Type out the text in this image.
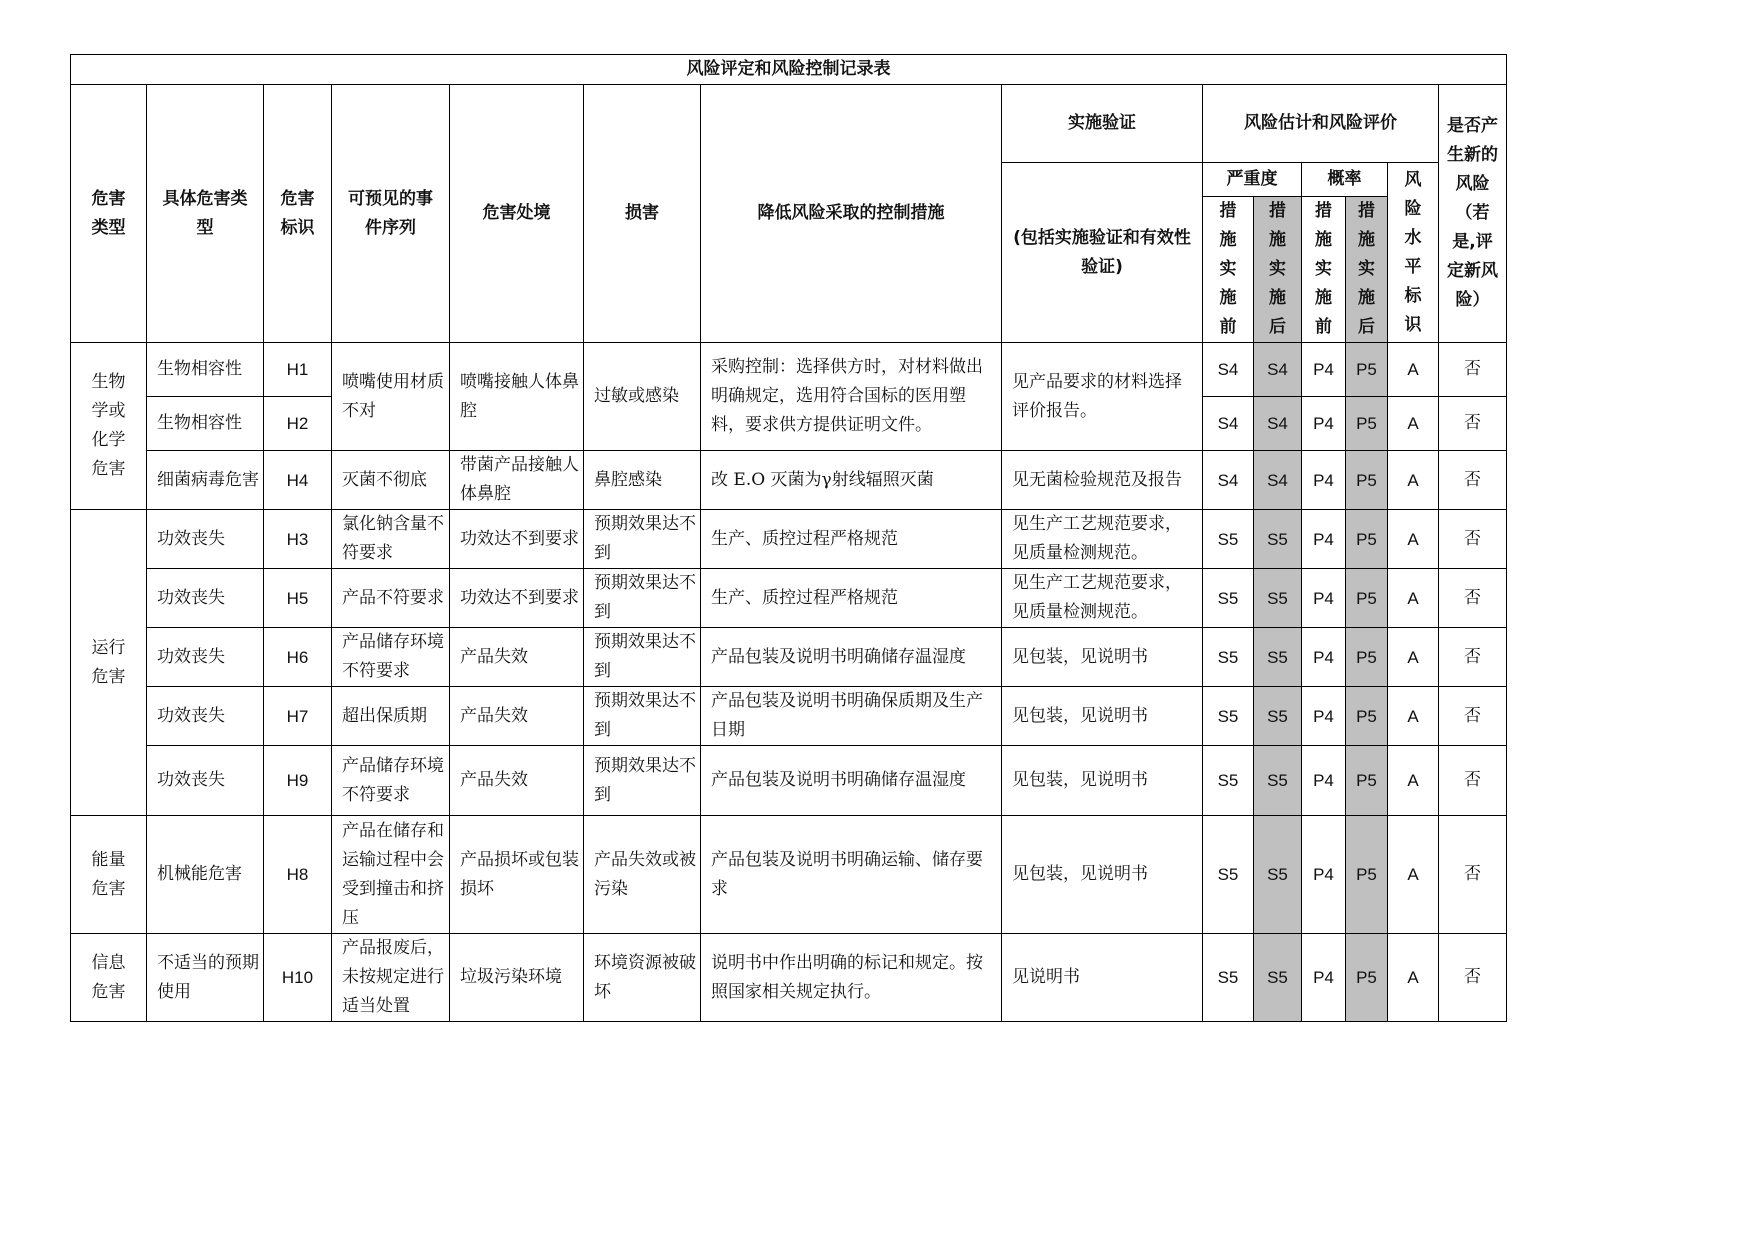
风险评定和风险控制记录表													
危害类型	具体危害类型	危害标识	可预见的事件序列	危害处境	损害	降低风险采取的控制措施	实施验证	风险估计和风险评价					是否产生新的风险（若是,评定新风险）
							(包括实施验证和有效性验证)	严重度		概率		风险水平标识	
								措施实施前	措施实施后	措施实施前	措施实施后		
生物学或化学危害	生物相容性	H1	喷嘴使用材质不对	喷嘴接触人体鼻腔	过敏或感染	采购控制：选择供方时，对材料做出明确规定，选用符合国标的医用塑料，要求供方提供证明文件。	见产品要求的材料选择评价报告。	S4	S4	P4	P5	A	否
	生物相容性	H2						S4	S4	P4	P5	A	否
	细菌病毒危害	H4	灭菌不彻底	带菌产品接触人体鼻腔	鼻腔感染	改 E.O 灭菌为γ射线辐照灭菌	见无菌检验规范及报告	S4	S4	P4	P5	A	否
运行危害	功效丧失	H3	氯化钠含量不符要求	功效达不到要求	预期效果达不到	生产、质控过程严格规范	见生产工艺规范要求，见质量检测规范。	S5	S5	P4	P5	A	否
	功效丧失	H5	产品不符要求	功效达不到要求	预期效果达不到	生产、质控过程严格规范	见生产工艺规范要求，见质量检测规范。	S5	S5	P4	P5	A	否
	功效丧失	H6	产品储存环境不符要求	产品失效	预期效果达不到	产品包装及说明书明确储存温湿度	见包装，见说明书	S5	S5	P4	P5	A	否
	功效丧失	H7	超出保质期	产品失效	预期效果达不到	产品包装及说明书明确保质期及生产日期	见包装，见说明书	S5	S5	P4	P5	A	否
	功效丧失	H9	产品储存环境不符要求	产品失效	预期效果达不到	产品包装及说明书明确储存温湿度	见包装，见说明书	S5	S5	P4	P5	A	否
能量危害	机械能危害	H8	产品在储存和运输过程中会受到撞击和挤压	产品损坏或包装损坏	产品失效或被污染	产品包装及说明书明确运输、储存要求	见包装，见说明书	S5	S5	P4	P5	A	否
信息危害	不适当的预期使用	H10	产品报废后，未按规定进行适当处置	垃圾污染环境	环境资源被破坏	说明书中作出明确的标记和规定。按照国家相关规定执行。	见说明书	S5	S5	P4	P5	A	否
